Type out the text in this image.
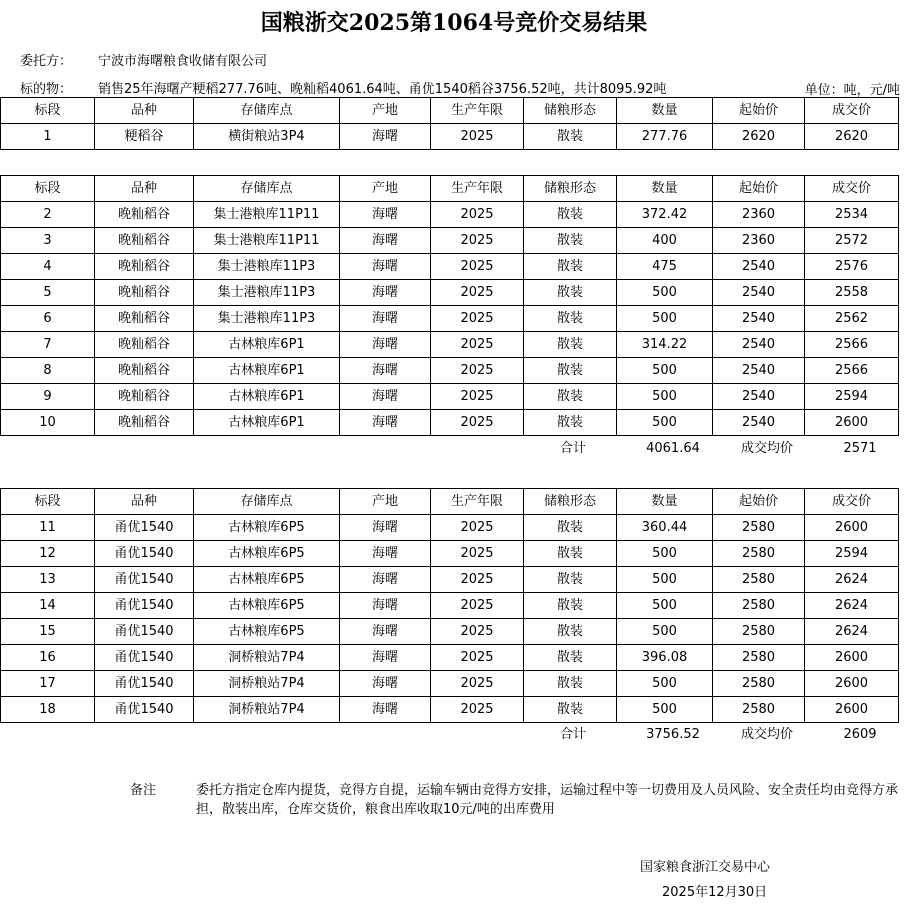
国粮浙交2025第1064号竞价交易结果
委托方： 宁波市海曙粮食收储有限公司
标的物： 销售25年海曙产粳稻277.76吨、晚籼稻4061.64吨、甬优1540稻谷3756.52吨，共计8095.92吨	单位：吨，元/吨
标段	品种	存储库点	产地	生产年限	储粮形态	数量	起始价	成交价
1	粳稻谷	横街粮站3P4	海曙	2025	散装	277.76	2620	2620
标段	品种	存储库点	产地	生产年限	储粮形态	数量	起始价	成交价
2	晚籼稻谷	集士港粮库11P11	海曙	2025	散装	372.42	2360	2534
3	晚籼稻谷	集士港粮库11P11	海曙	2025	散装	400	2360	2572
4	晚籼稻谷	集士港粮库11P3	海曙	2025	散装	475	2540	2576
5	晚籼稻谷	集士港粮库11P3	海曙	2025	散装	500	2540	2558
6	晚籼稻谷	集士港粮库11P3	海曙	2025	散装	500	2540	2562
7	晚籼稻谷	古林粮库6P1	海曙	2025	散装	314.22	2540	2566
8	晚籼稻谷	古林粮库6P1	海曙	2025	散装	500	2540	2566
9	晚籼稻谷	古林粮库6P1	海曙	2025	散装	500	2540	2594
10	晚籼稻谷	古林粮库6P1	海曙	2025	散装	500	2540	2600
合计	4061.64	成交均价	2571
标段	品种	存储库点	产地	生产年限	储粮形态	数量	起始价	成交价
11	甬优1540	古林粮库6P5	海曙	2025	散装	360.44	2580	2600
12	甬优1540	古林粮库6P5	海曙	2025	散装	500	2580	2594
13	甬优1540	古林粮库6P5	海曙	2025	散装	500	2580	2624
14	甬优1540	古林粮库6P5	海曙	2025	散装	500	2580	2624
15	甬优1540	古林粮库6P5	海曙	2025	散装	500	2580	2624
16	甬优1540	洞桥粮站7P4	海曙	2025	散装	396.08	2580	2600
17	甬优1540	洞桥粮站7P4	海曙	2025	散装	500	2580	2600
18	甬优1540	洞桥粮站7P4	海曙	2025	散装	500	2580	2600
合计	3756.52	成交均价	2609
备注	委托方指定仓库内提货，竞得方自提，运输车辆由竞得方安排，运输过程中等一切费用及人员风险、安全责任均由竞得方承担，散装出库，仓库交货价，粮食出库收取10元/吨的出库费用
国家粮食浙江交易中心
2025年12月30日
